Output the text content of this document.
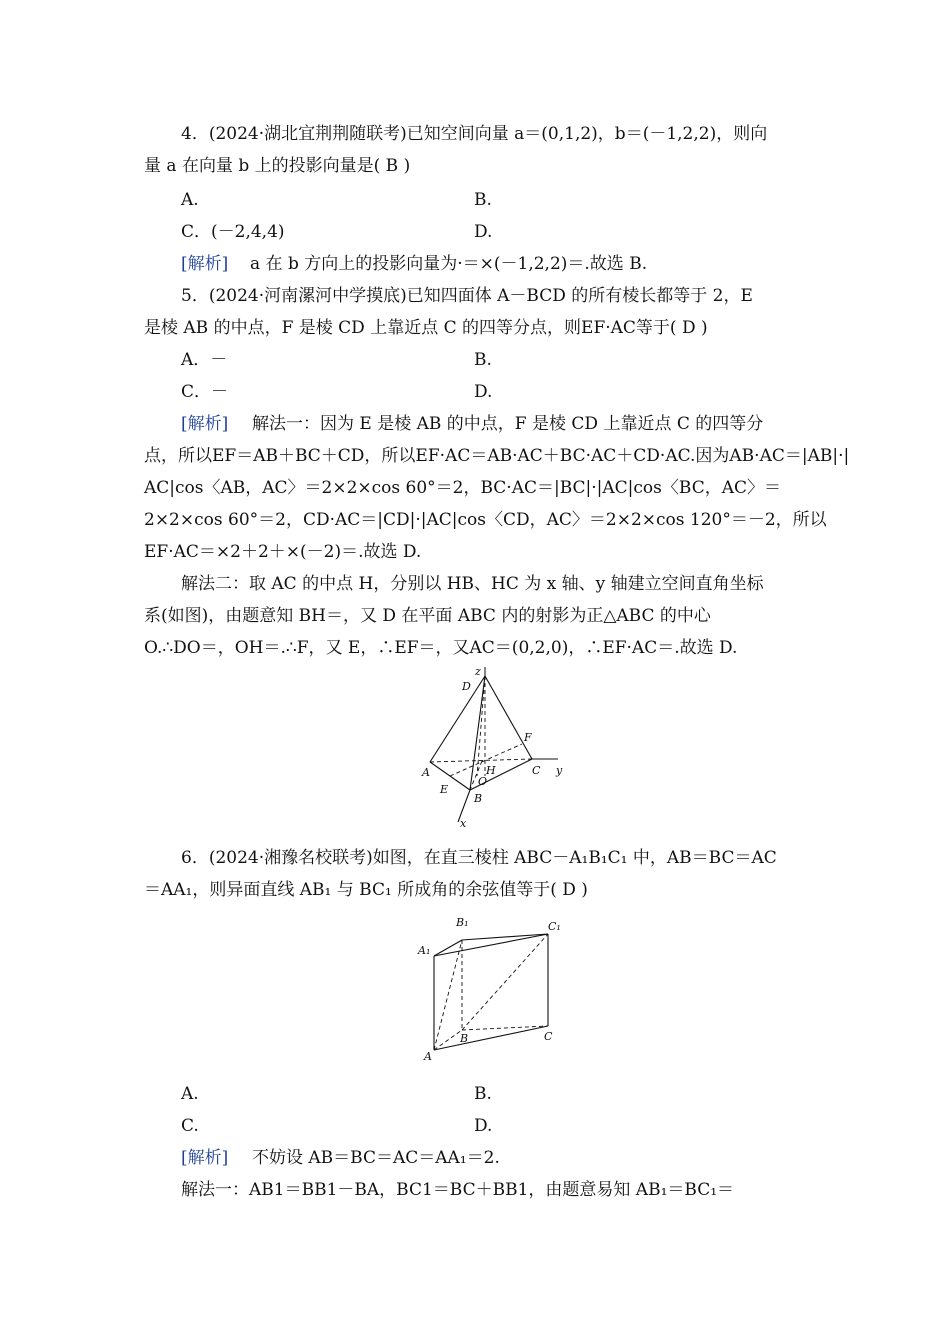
4．(2024·湖北宜荆荆随联考)已知空间向量 a＝(0,1,2)，b＝(－1,2,2)，则向
量 a 在向量 b 上的投影向量是( B )
A.	B.
C．(－2,4,4)	D.
[解析] a 在 b 方向上的投影向量为·＝×(－1,2,2)＝.故选 B.
5．(2024·河南漯河中学摸底)已知四面体 A－BCD 的所有棱长都等于 2，E
是棱 AB 的中点，F 是棱 CD 上靠近点 C 的四等分点，则EF·AC等于( D )
A．－	B.
C．－	D.
[解析] 解法一：因为 E 是棱 AB 的中点，F 是棱 CD 上靠近点 C 的四等分
点，所以EF＝AB＋BC＋CD，所以EF·AC＝AB·AC＋BC·AC＋CD·AC.因为AB·AC＝|AB|·|
AC|cos〈AB，AC〉＝2×2×cos 60°＝2，BC·AC＝|BC|·|AC|cos〈BC，AC〉＝
2×2×cos 60°＝2，CD·AC＝|CD|·|AC|cos〈CD，AC〉＝2×2×cos 120°＝－2，所以
EF·AC＝×2＋2＋×(－2)＝.故选 D.
解法二：取 AC 的中点 H，分别以 HB、HC 为 x 轴、y 轴建立空间直角坐标
系(如图)，由题意知 BH＝，又 D 在平面 ABC 内的射影为正△ABC 的中心
O.∴DO＝，OH＝.∴F，又 E，∴EF＝，又AC＝(0,2,0)，∴EF·AC＝.故选 D.
z
D
F
A	H
O
C y
E
B
x
6．(2024·湘豫名校联考)如图，在直三棱柱 ABC－A₁B₁C₁ 中，AB＝BC＝AC
＝AA₁，则异面直线 AB₁ 与 BC₁ 所成角的余弦值等于( D )
B₁	C₁
A₁
B
A
C
A.	B.
C.	D.
[解析] 不妨设 AB＝BC＝AC＝AA₁＝2.
解法一：AB1＝BB1－BA，BC1＝BC＋BB1，由题意易知 AB₁＝BC₁＝
